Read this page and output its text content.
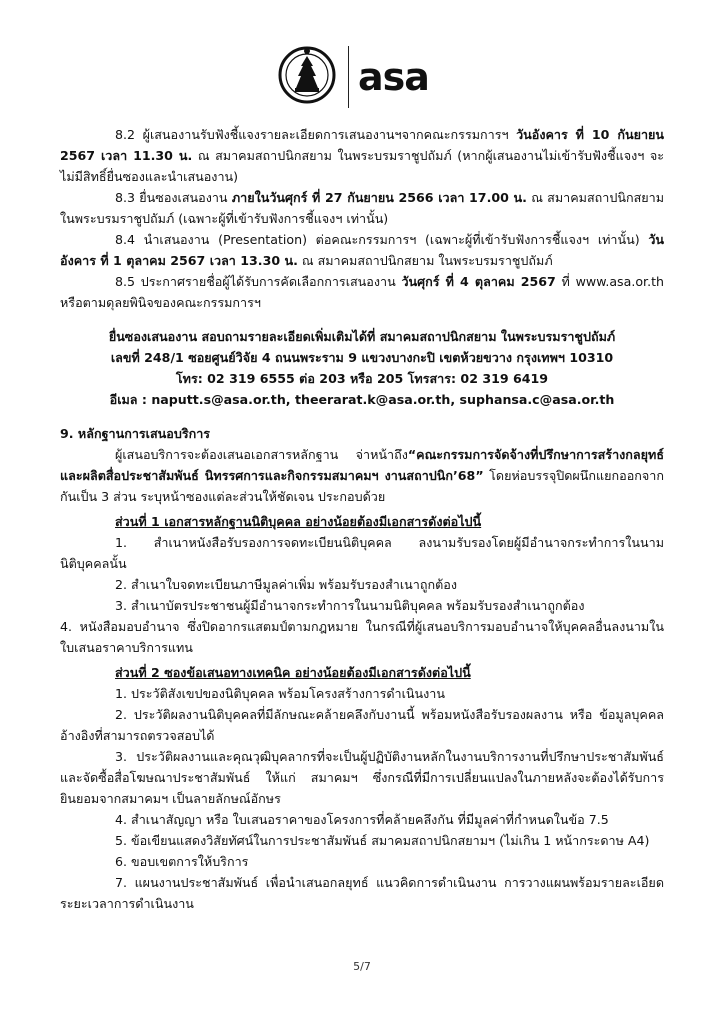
asa

8.2 ผู้เสนองานรับฟังชี้แจงรายละเอียดการเสนองานฯจากคณะกรรมการฯ วันอังคาร ที่ 10 กันยายน 2567 เวลา 11.30 น. ณ สมาคมสถาปนิกสยาม ในพระบรมราชูปถัมภ์ (หากผู้เสนองานไม่เข้ารับฟังชี้แจงฯ จะไม่มีสิทธิ์ยื่นซองและนำเสนองาน)

8.3 ยื่นซองเสนองาน ภายในวันศุกร์ ที่ 27 กันยายน 2566 เวลา 17.00 น. ณ สมาคมสถาปนิกสยาม ในพระบรมราชูปถัมภ์ (เฉพาะผู้ที่เข้ารับฟังการชี้แจงฯ เท่านั้น)

8.4 นำเสนองาน (Presentation) ต่อคณะกรรมการฯ (เฉพาะผู้ที่เข้ารับฟังการชี้แจงฯ เท่านั้น) วันอังคาร ที่ 1 ตุลาคม 2567 เวลา 13.30 น. ณ สมาคมสถาปนิกสยาม ในพระบรมราชูปถัมภ์

8.5 ประกาศรายชื่อผู้ได้รับการคัดเลือกการเสนองาน วันศุกร์ ที่ 4 ตุลาคม 2567 ที่ www.asa.or.th หรือตามดุลยพินิจของคณะกรรมการฯ

ยื่นซองเสนองาน สอบถามรายละเอียดเพิ่มเติมได้ที่ สมาคมสถาปนิกสยาม ในพระบรมราชูปถัมภ์

เลขที่ 248/1 ซอยศูนย์วิจัย 4 ถนนพระราม 9 แขวงบางกะปิ เขตห้วยขวาง กรุงเทพฯ 10310

โทร: 02 319 6555 ต่อ 203 หรือ 205 โทรสาร: 02 319 6419

อีเมล : naputt.s@asa.or.th, theerarat.k@asa.or.th, suphansa.c@asa.or.th

9. หลักฐานการเสนอบริการ

ผู้เสนอบริการจะต้องเสนอเอกสารหลักฐาน จ่าหน้าถึง“คณะกรรมการจัดจ้างที่ปรึกษาการสร้างกลยุทธ์และผลิตสื่อประชาสัมพันธ์ นิทรรศการและกิจกรรมสมาคมฯ งานสถาปนิก’68” โดยห่อบรรจุปิดผนึกแยกออกจากกันเป็น 3 ส่วน ระบุหน้าซองแต่ละส่วนให้ชัดเจน ประกอบด้วย

ส่วนที่ 1 เอกสารหลักฐานนิติบุคคล อย่างน้อยต้องมีเอกสารดังต่อไปนี้

1. สำเนาหนังสือรับรองการจดทะเบียนนิติบุคคล ลงนามรับรองโดยผู้มีอำนาจกระทำการในนามนิติบุคคลนั้น

2. สำเนาใบจดทะเบียนภาษีมูลค่าเพิ่ม พร้อมรับรองสำเนาถูกต้อง

3. สำเนาบัตรประชาชนผู้มีอำนาจกระทำการในนามนิติบุคคล พร้อมรับรองสำเนาถูกต้อง

4. หนังสือมอบอำนาจ ซึ่งปิดอากรแสตมป์ตามกฎหมาย ในกรณีที่ผู้เสนอบริการมอบอำนาจให้บุคคลอื่นลงนามในใบเสนอราคาบริการแทน

ส่วนที่ 2 ซองข้อเสนอทางเทคนิค อย่างน้อยต้องมีเอกสารดังต่อไปนี้

1. ประวัติสังเขปของนิติบุคคล พร้อมโครงสร้างการดำเนินงาน

2. ประวัติผลงานนิติบุคคลที่มีลักษณะคล้ายคลึงกับงานนี้ พร้อมหนังสือรับรองผลงาน หรือ ข้อมูลบุคคลอ้างอิงที่สามารถตรวจสอบได้

3. ประวัติผลงานและคุณวุฒิบุคลากรที่จะเป็นผู้ปฏิบัติงานหลักในงานบริการงานที่ปรึกษาประชาสัมพันธ์และจัดซื้อสื่อโฆษณาประชาสัมพันธ์ ให้แก่ สมาคมฯ ซึ่งกรณีที่มีการเปลี่ยนแปลงในภายหลังจะต้องได้รับการยินยอมจากสมาคมฯ เป็นลายลักษณ์อักษร

4. สำเนาสัญญา หรือ ใบเสนอราคาของโครงการที่คล้ายคลึงกัน ที่มีมูลค่าที่กำหนดในข้อ 7.5

5. ข้อเขียนแสดงวิสัยทัศน์ในการประชาสัมพันธ์ สมาคมสถาปนิกสยามฯ (ไม่เกิน 1 หน้ากระดาษ A4)

6. ขอบเขตการให้บริการ

7. แผนงานประชาสัมพันธ์ เพื่อนำเสนอกลยุทธ์ แนวคิดการดำเนินงาน การวางแผนพร้อมรายละเอียดระยะเวลาการดำเนินงาน

5/7
